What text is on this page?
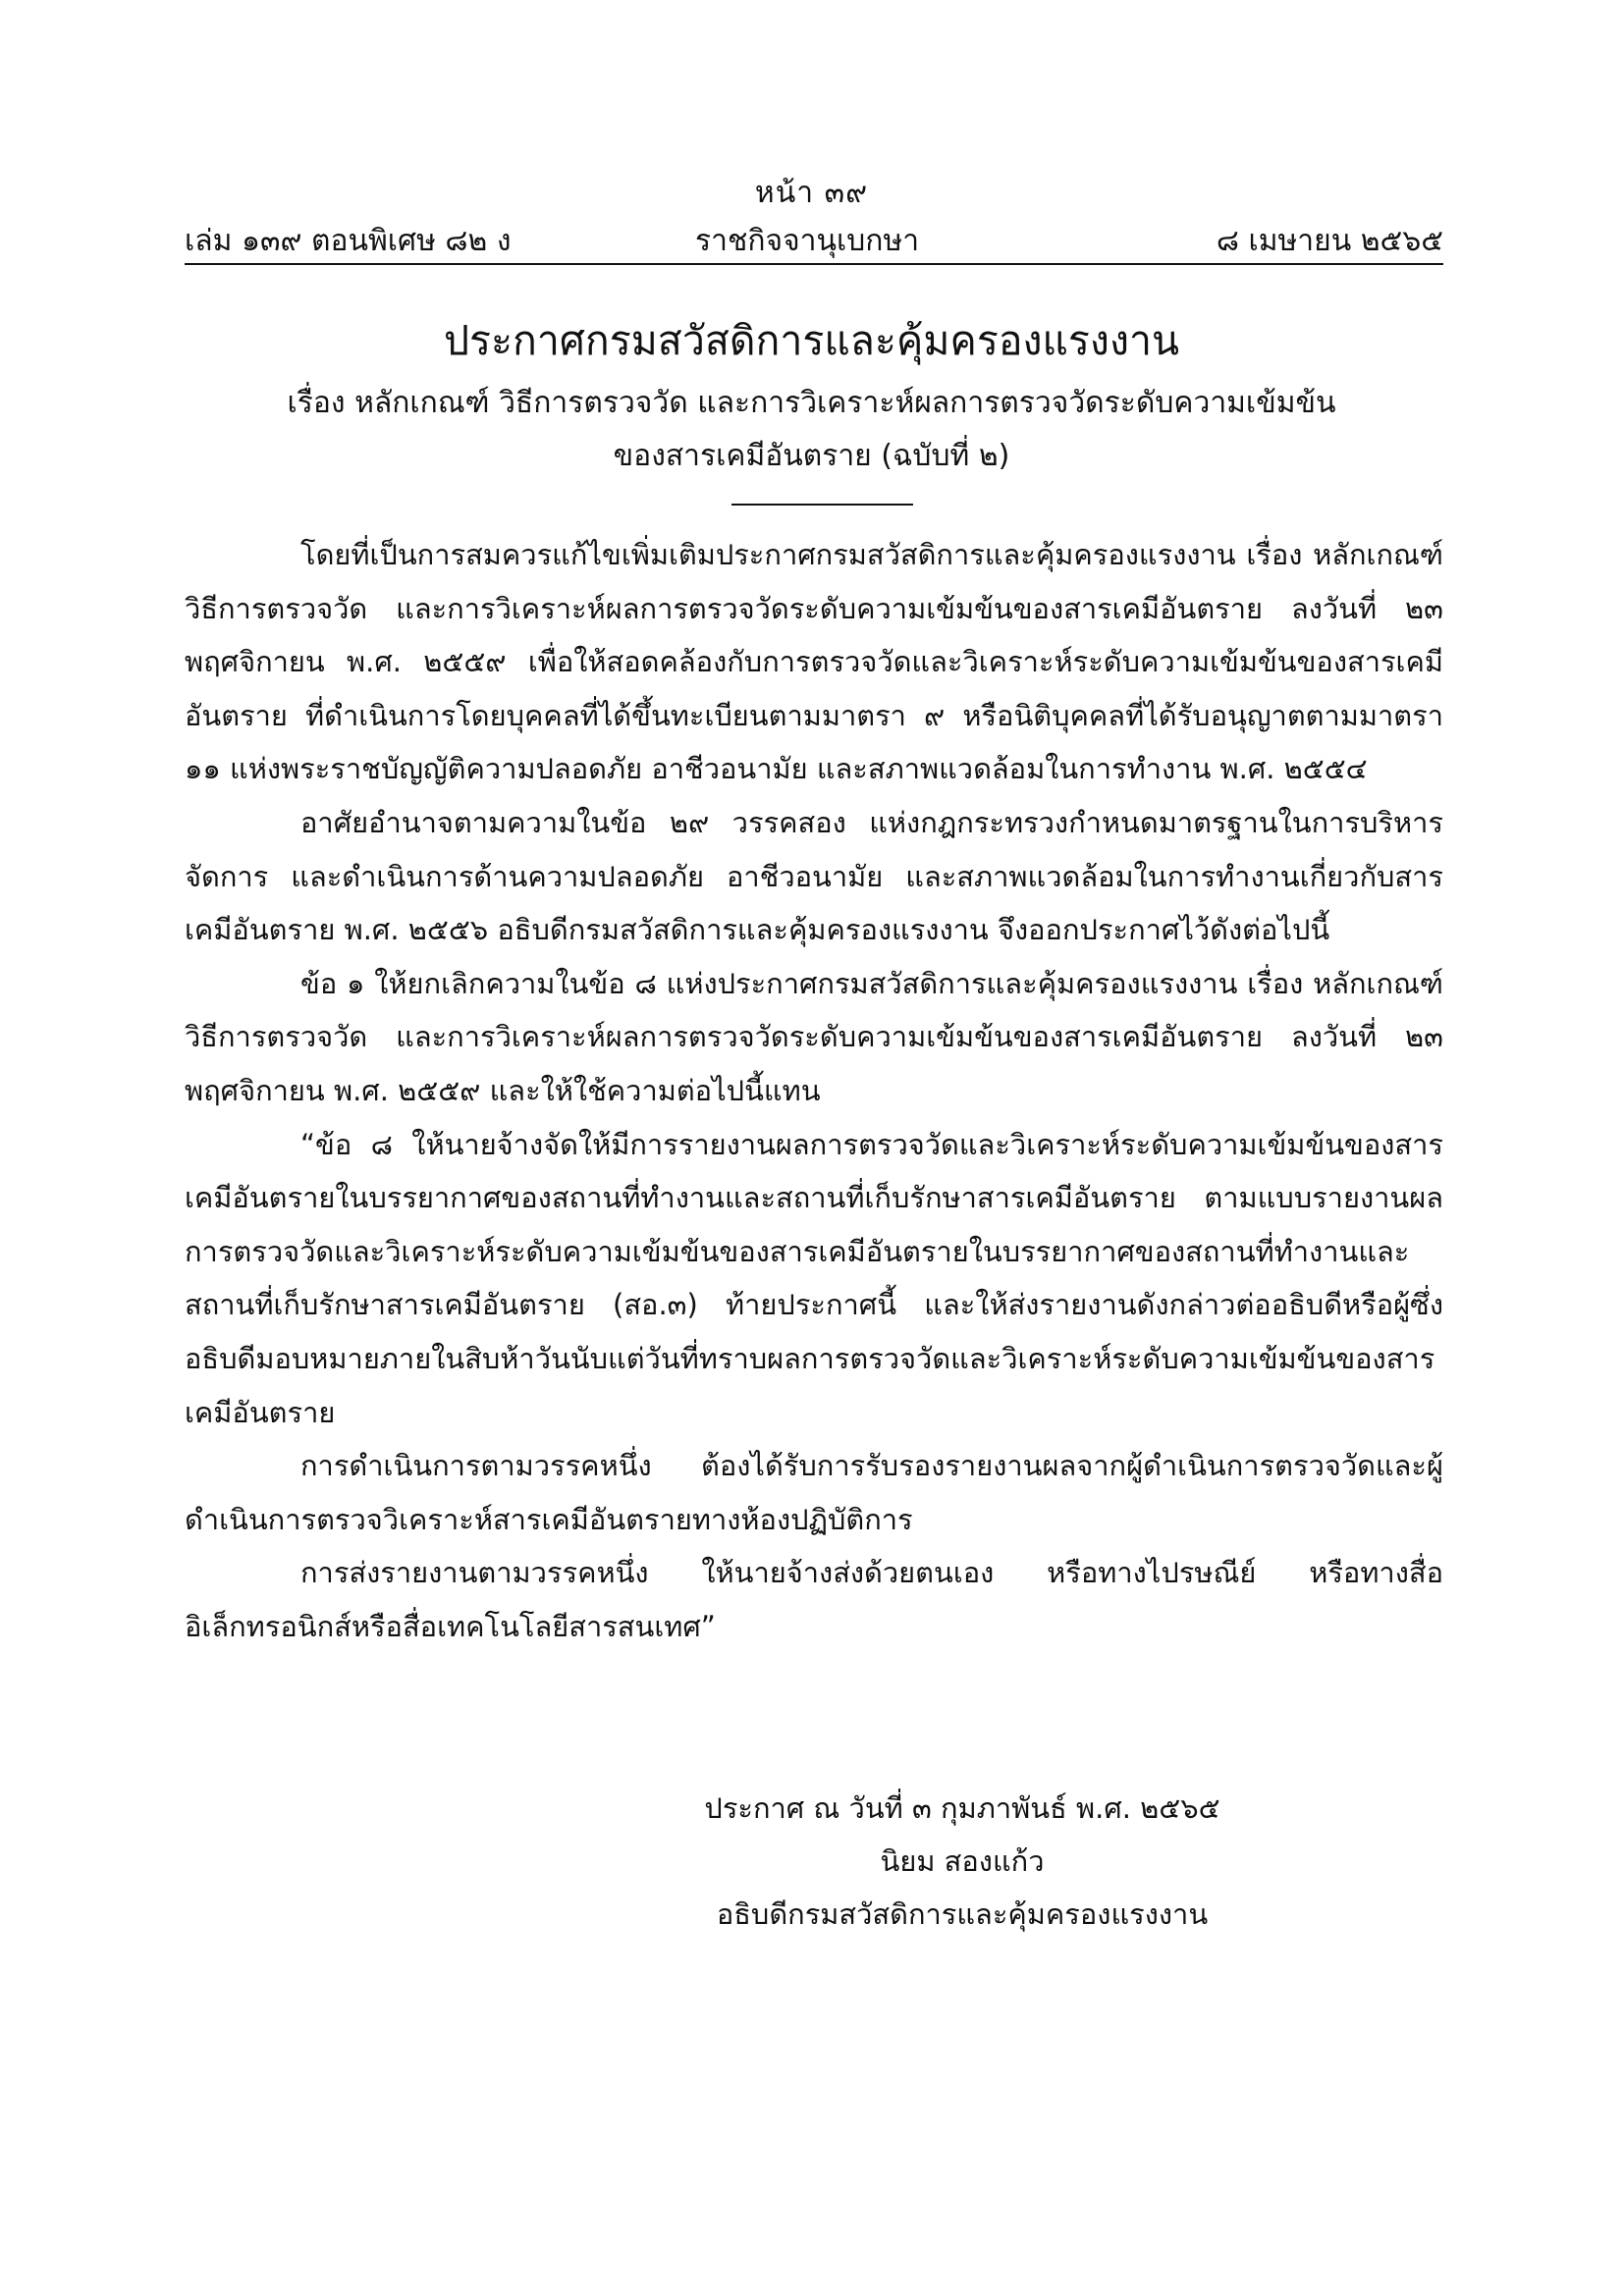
หน้า ๓๙
เล่ม ๑๓๙ ตอนพิเศษ ๘๒ ง	ราชกิจจานุเบกษา	๘ เมษายน ๒๕๖๕
ประกาศกรมสวัสดิการและคุ้มครองแรงงาน
เรื่อง หลักเกณฑ์ วิธีการตรวจวัด และการวิเคราะห์ผลการตรวจวัดระดับความเข้มข้น
ของสารเคมีอันตราย (ฉบับที่ ๒)

โดยที่เป็นการสมควรแก้ไขเพิ่มเติมประกาศกรมสวัสดิการและคุ้มครองแรงงาน เรื่อง หลักเกณฑ์ วิธีการตรวจวัด และการวิเคราะห์ผลการตรวจวัดระดับความเข้มข้นของสารเคมีอันตราย ลงวันที่ ๒๓ พฤศจิกายน พ.ศ. ๒๕๕๙ เพื่อให้สอดคล้องกับการตรวจวัดและวิเคราะห์ระดับความเข้มข้นของสารเคมีอันตราย ที่ดำเนินการโดยบุคคลที่ได้ขึ้นทะเบียนตามมาตรา ๙ หรือนิติบุคคลที่ได้รับอนุญาตตามมาตรา ๑๑ แห่งพระราชบัญญัติความปลอดภัย อาชีวอนามัย และสภาพแวดล้อมในการทำงาน พ.ศ. ๒๕๕๔

อาศัยอำนาจตามความในข้อ ๒๙ วรรคสอง แห่งกฎกระทรวงกำหนดมาตรฐานในการบริหารจัดการ และดำเนินการด้านความปลอดภัย อาชีวอนามัย และสภาพแวดล้อมในการทำงานเกี่ยวกับสารเคมีอันตราย พ.ศ. ๒๕๕๖ อธิบดีกรมสวัสดิการและคุ้มครองแรงงาน จึงออกประกาศไว้ดังต่อไปนี้

ข้อ ๑ ให้ยกเลิกความในข้อ ๘ แห่งประกาศกรมสวัสดิการและคุ้มครองแรงงาน เรื่อง หลักเกณฑ์ วิธีการตรวจวัด และการวิเคราะห์ผลการตรวจวัดระดับความเข้มข้นของสารเคมีอันตราย ลงวันที่ ๒๓ พฤศจิกายน พ.ศ. ๒๕๕๙ และให้ใช้ความต่อไปนี้แทน

“ข้อ ๘ ให้นายจ้างจัดให้มีการรายงานผลการตรวจวัดและวิเคราะห์ระดับความเข้มข้นของสารเคมีอันตรายในบรรยากาศของสถานที่ทำงานและสถานที่เก็บรักษาสารเคมีอันตราย ตามแบบรายงานผลการตรวจวัดและวิเคราะห์ระดับความเข้มข้นของสารเคมีอันตรายในบรรยากาศของสถานที่ทำงานและสถานที่เก็บรักษาสารเคมีอันตราย (สอ.๓) ท้ายประกาศนี้ และให้ส่งรายงานดังกล่าวต่ออธิบดีหรือผู้ซึ่งอธิบดีมอบหมายภายในสิบห้าวันนับแต่วันที่ทราบผลการตรวจวัดและวิเคราะห์ระดับความเข้มข้นของสารเคมีอันตราย

การดำเนินการตามวรรคหนึ่ง ต้องได้รับการรับรองรายงานผลจากผู้ดำเนินการตรวจวัดและผู้ดำเนินการตรวจวิเคราะห์สารเคมีอันตรายทางห้องปฏิบัติการ

การส่งรายงานตามวรรคหนึ่ง ให้นายจ้างส่งด้วยตนเอง หรือทางไปรษณีย์ หรือทางสื่ออิเล็กทรอนิกส์หรือสื่อเทคโนโลยีสารสนเทศ”

ประกาศ ณ วันที่ ๓ กุมภาพันธ์ พ.ศ. ๒๕๖๕
นิยม สองแก้ว
อธิบดีกรมสวัสดิการและคุ้มครองแรงงาน
